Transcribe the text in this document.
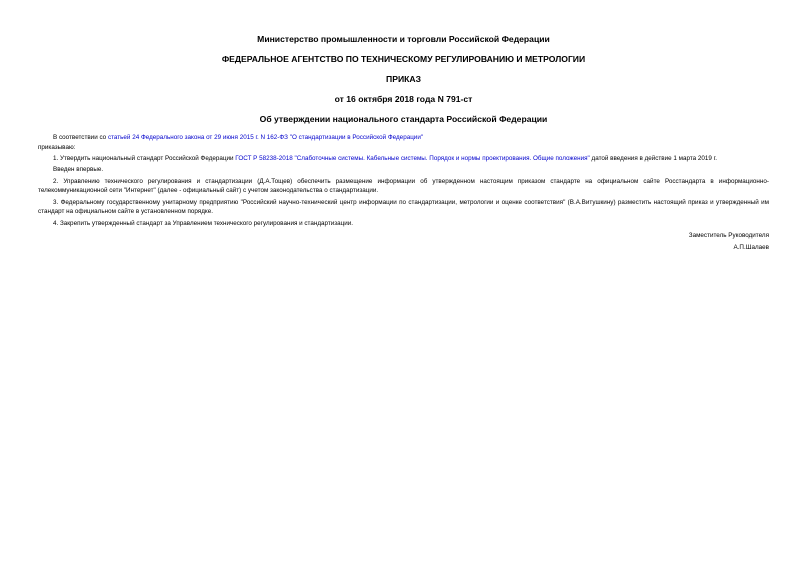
Министерство промышленности и торговли Российской Федерации
ФЕДЕРАЛЬНОЕ АГЕНТСТВО ПО ТЕХНИЧЕСКОМУ РЕГУЛИРОВАНИЮ И МЕТРОЛОГИИ
ПРИКАЗ
от 16 октября 2018 года N 791-ст
Об утверждении национального стандарта Российской Федерации
В соответствии со статьей 24 Федерального закона от 29 июня 2015 г. N 162-ФЗ "О стандартизации в Российской Федерации"
приказываю:
1. Утвердить национальный стандарт Российской Федерации ГОСТ Р 58238-2018 "Слаботочные системы. Кабельные системы. Порядок и нормы проектирования. Общие положения" датой введения в действие 1 марта 2019 г.
Введен впервые.
2. Управлению технического регулирования и стандартизации (Д.А.Тощев) обеспечить размещение информации об утвержденном настоящим приказом стандарте на официальном сайте Росстандарта в информационно-телекоммуникационной сети "Интернет" (далее - официальный сайт) с учетом законодательства о стандартизации.
3. Федеральному государственному унитарному предприятию "Российский научно-технический центр информации по стандартизации, метрологии и оценке соответствия" (В.А.Витушкину) разместить настоящий приказ и утвержденный им стандарт на официальном сайте в установленном порядке.
4. Закрепить утвержденный стандарт за Управлением технического регулирования и стандартизации.
Заместитель Руководителя
А.П.Шалаев
